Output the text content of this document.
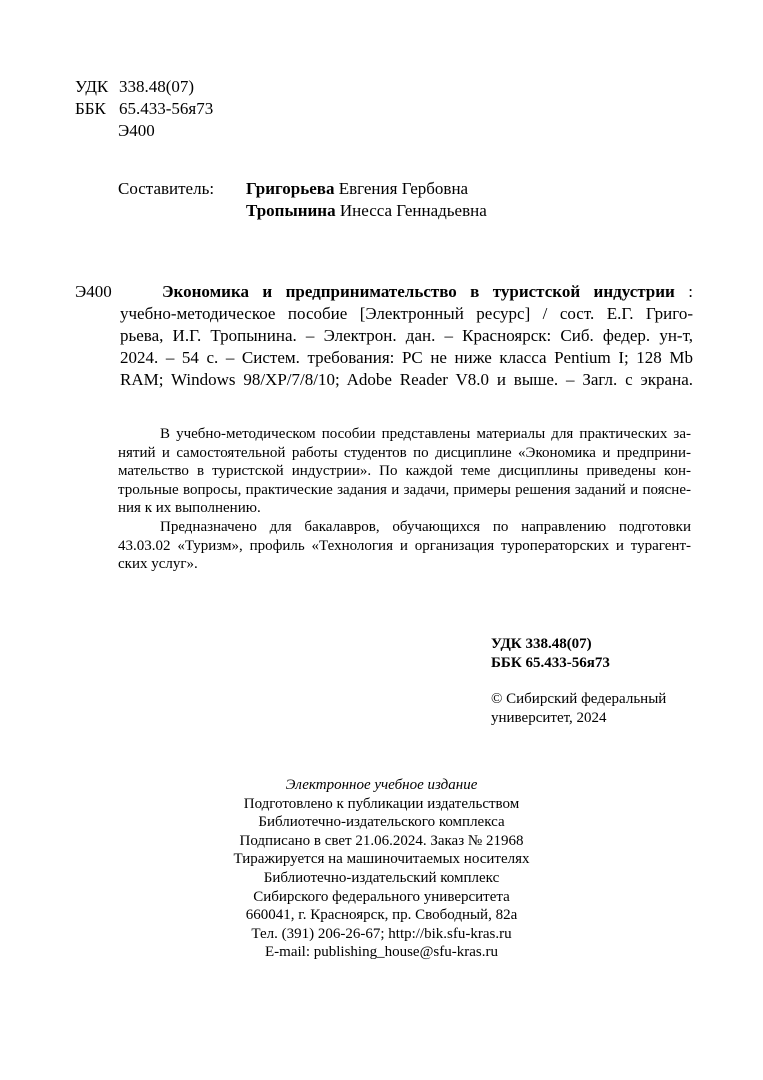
УДК 338.48(07)
ББК 65.433-56я73
Э400
Составитель: Григорьева Евгения Гербовна
Тропынина Инесса Геннадьевна
Э400	Экономика и предпринимательство в туристской индустрии :
учебно-методическое пособие [Электронный ресурс] / сост. Е.Г. Григо-
рьева, И.Г. Тропынина. – Электрон. дан. – Красноярск: Сиб. федер. ун-т,
2024. – 54 с. – Систем. требования: PC не ниже класса Pentium I; 128 Mb
RAM; Windows 98/XP/7/8/10; Adobe Reader V8.0 и выше. – Загл. с экрана.
В учебно-методическом пособии представлены материалы для практических за-
нятий и самостоятельной работы студентов по дисциплине «Экономика и предприни-
мательство в туристской индустрии». По каждой теме дисциплины приведены кон-
трольные вопросы, практические задания и задачи, примеры решения заданий и поясне-
ния к их выполнению.
Предназначено для бакалавров, обучающихся по направлению подготовки
43.03.02 «Туризм», профиль «Технология и организация туроператорских и турагент-
ских услуг».
УДК 338.48(07)
ББК 65.433-56я73
© Сибирский федеральный
университет, 2024
Электронное учебное издание
Подготовлено к публикации издательством
Библиотечно-издательского комплекса
Подписано в свет 21.06.2024. Заказ № 21968
Тиражируется на машиночитаемых носителях
Библиотечно-издательский комплекс
Сибирского федерального университета
660041, г. Красноярск, пр. Свободный, 82а
Тел. (391) 206-26-67; http://bik.sfu-kras.ru
E-mail: publishing_house@sfu-kras.ru
